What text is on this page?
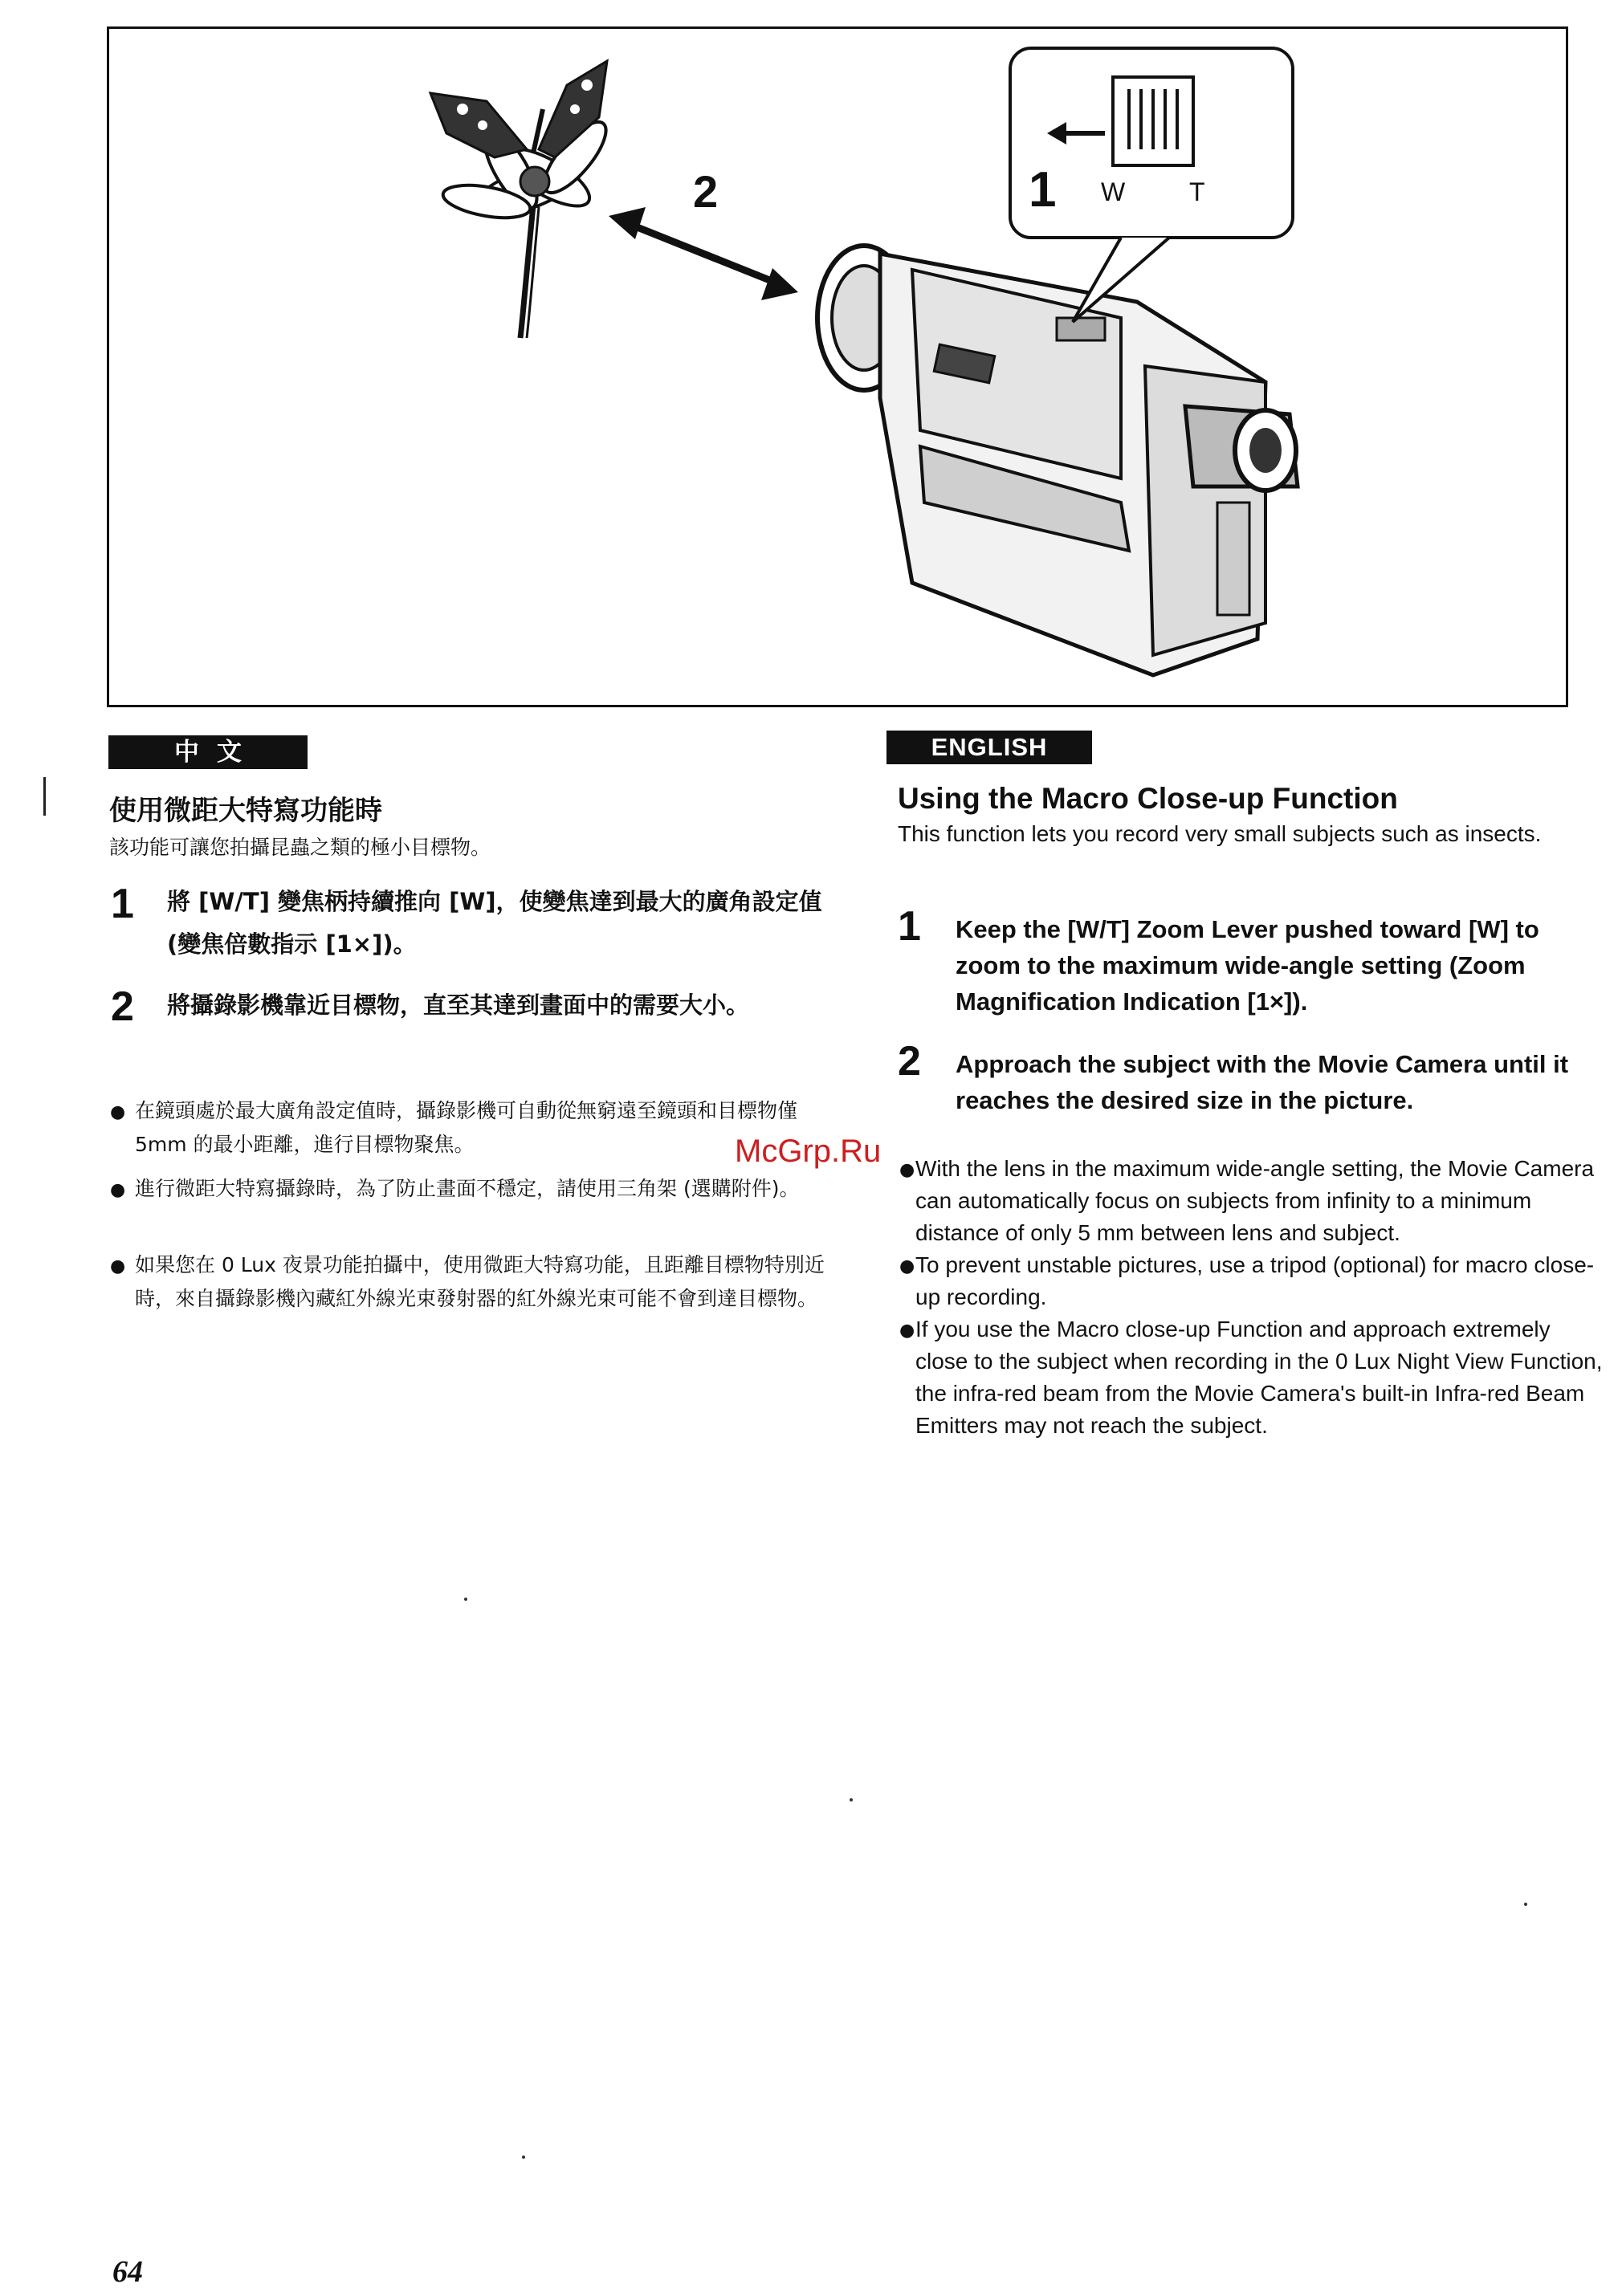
1 W T
2
中文
使用微距大特寫功能時
該功能可讓您拍攝昆蟲之類的極小目標物。
1 將 [W/T] 變焦柄持續推向 [W]，使變焦達到最大的廣角設定值 (變焦倍數指示 [1×])。
2 將攝錄影機靠近目標物，直至其達到畫面中的需要大小。
● 在鏡頭處於最大廣角設定值時，攝錄影機可自動從無窮遠至鏡頭和目標物僅 5mm 的最小距離，進行目標物聚焦。
● 進行微距大特寫攝錄時，為了防止畫面不穩定，請使用三角架 (選購附件)。
● 如果您在 0 Lux 夜景功能拍攝中，使用微距大特寫功能，且距離目標物特別近時，來自攝錄影機內藏紅外線光束發射器的紅外線光束可能不會到達目標物。
ENGLISH
Using the Macro Close-up Function
This function lets you record very small subjects such as insects.
1 Keep the [W/T] Zoom Lever pushed toward [W] to zoom to the maximum wide-angle setting (Zoom Magnification Indication [1×]).
2 Approach the subject with the Movie Camera until it reaches the desired size in the picture.
● With the lens in the maximum wide-angle setting, the Movie Camera can automatically focus on subjects from infinity to a minimum distance of only 5 mm between lens and subject.
● To prevent unstable pictures, use a tripod (optional) for macro close-up recording.
● If you use the Macro close-up Function and approach extremely close to the subject when recording in the 0 Lux Night View Function, the infra-red beam from the Movie Camera's built-in Infra-red Beam Emitters may not reach the subject.
McGrp.Ru
64
